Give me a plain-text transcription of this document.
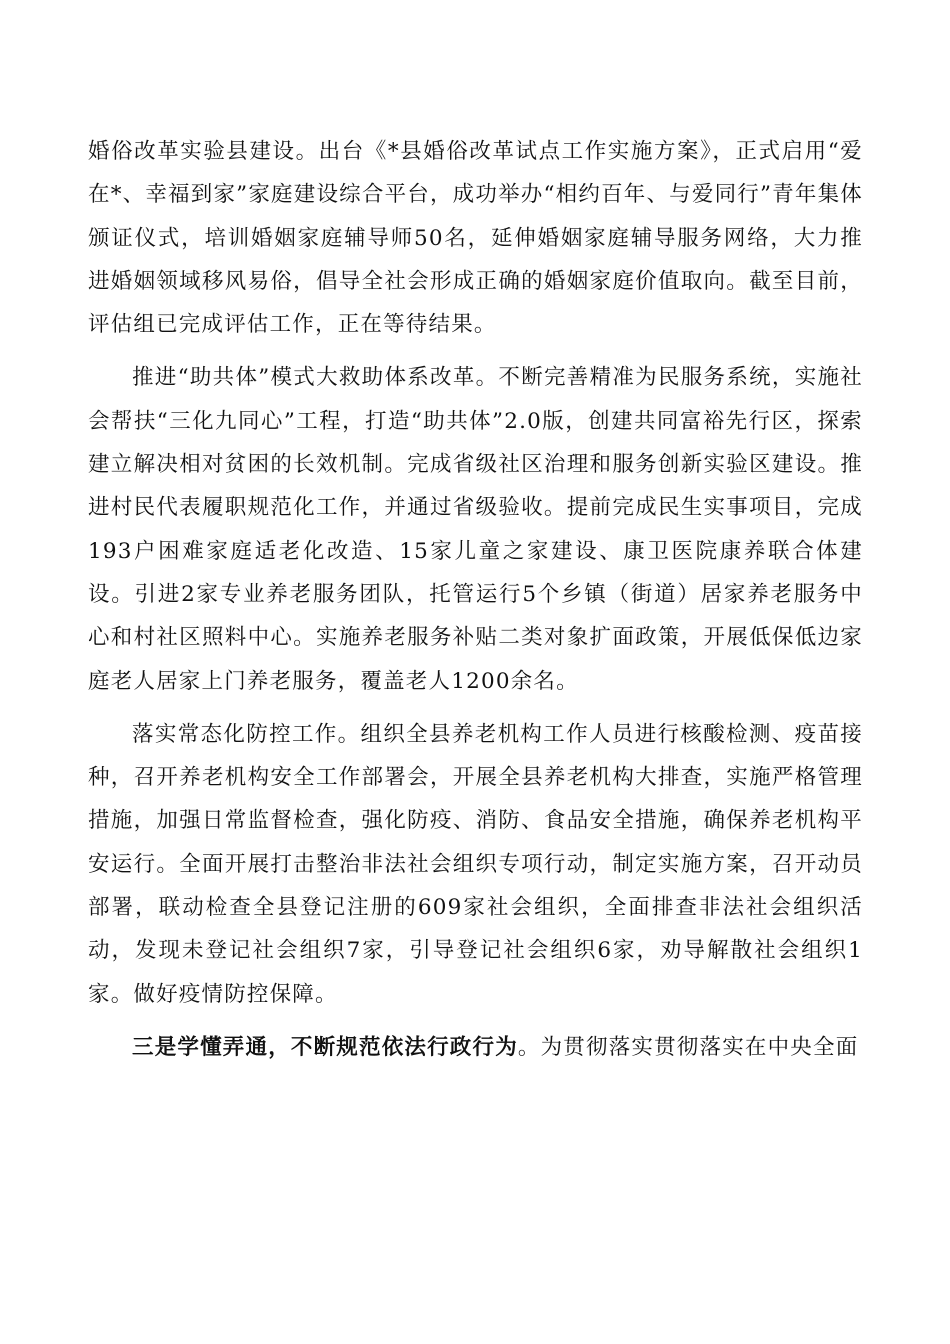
婚俗改革实验县建设。出台《*县婚俗改革试点工作实施方案》，正式启用“爱在*、幸福到家”家庭建设综合平台，成功举办“相约百年、与爱同行”青年集体颁证仪式，培训婚姻家庭辅导师50名，延伸婚姻家庭辅导服务网络，大力推进婚姻领域移风易俗，倡导全社会形成正确的婚姻家庭价值取向。截至目前，评估组已完成评估工作，正在等待结果。

推进“助共体”模式大救助体系改革。不断完善精准为民服务系统，实施社会帮扶“三化九同心”工程，打造“助共体”2.0版，创建共同富裕先行区，探索建立解决相对贫困的长效机制。完成省级社区治理和服务创新实验区建设。推进村民代表履职规范化工作，并通过省级验收。提前完成民生实事项目，完成193户困难家庭适老化改造、15家儿童之家建设、康卫医院康养联合体建设。引进2家专业养老服务团队，托管运行5个乡镇（街道）居家养老服务中心和村社区照料中心。实施养老服务补贴二类对象扩面政策，开展低保低边家庭老人居家上门养老服务，覆盖老人1200余名。

落实常态化防控工作。组织全县养老机构工作人员进行核酸检测、疫苗接种，召开养老机构安全工作部署会，开展全县养老机构大排查，实施严格管理措施，加强日常监督检查，强化防疫、消防、食品安全措施，确保养老机构平安运行。全面开展打击整治非法社会组织专项行动，制定实施方案，召开动员部署，联动检查全县登记注册的609家社会组织，全面排查非法社会组织活动，发现未登记社会组织7家，引导登记社会组织6家，劝导解散社会组织1家。做好疫情防控保障。

三是学懂弄通，不断规范依法行政行为。为贯彻落实贯彻落实在中央全面
